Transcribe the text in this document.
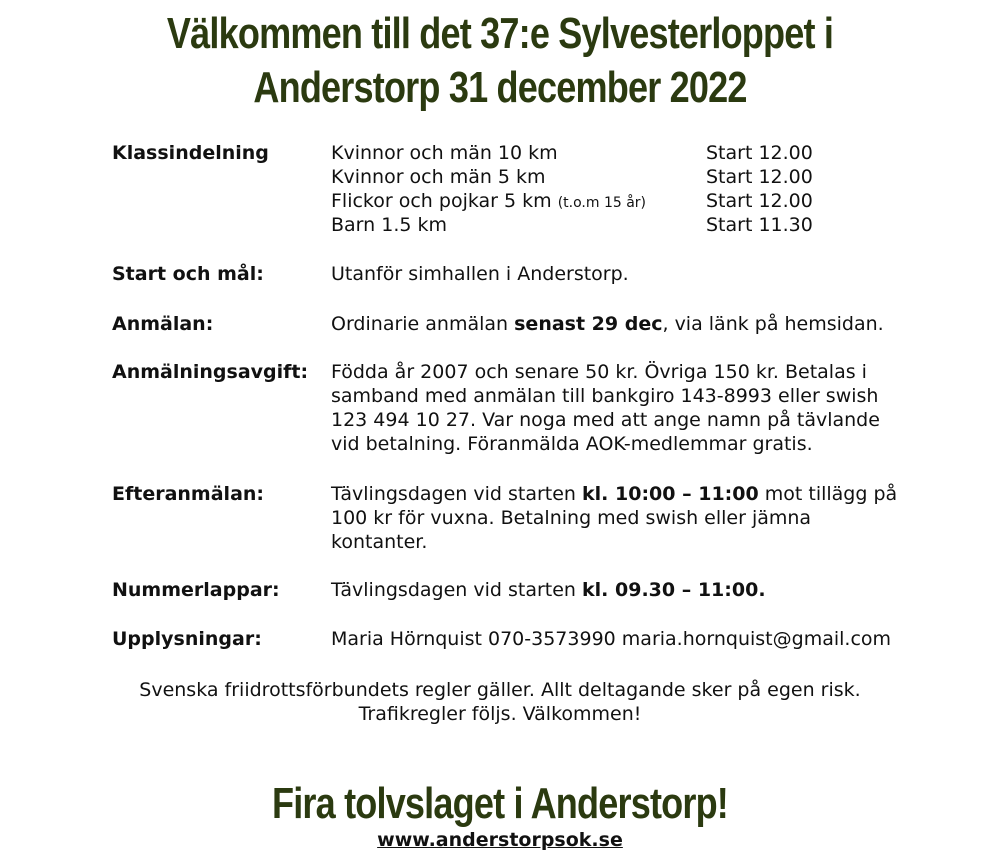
Välkommen till det 37:e Sylvesterloppet i
Anderstorp 31 december 2022
Klassindelning	Kvinnor och män 10 km	Start 12.00
Kvinnor och män 5 km	Start 12.00
Flickor och pojkar 5 km (t.o.m 15 år)	Start 12.00
Barn 1.5 km	Start 11.30
Start och mål:	Utanför simhallen i Anderstorp.
Anmälan:	Ordinarie anmälan senast 29 dec, via länk på hemsidan.
Anmälningsavgift: Födda år 2007 och senare 50 kr. Övriga 150 kr. Betalas i
samband med anmälan till bankgiro 143-8993 eller swish
123 494 10 27. Var noga med att ange namn på tävlande
vid betalning. Föranmälda AOK-medlemmar gratis.
Efteranmälan:	Tävlingsdagen vid starten kl. 10:00 – 11:00 mot tillägg på
100 kr för vuxna. Betalning med swish eller jämna
kontanter.
Nummerlappar:	Tävlingsdagen vid starten kl. 09.30 – 11:00.
Upplysningar:	Maria Hörnquist 070-3573990 maria.hornquist@gmail.com
Svenska friidrottsförbundets regler gäller. Allt deltagande sker på egen risk.
Trafikregler följs. Välkommen!
Fira tolvslaget i Anderstorp!
www.anderstorpsok.se
